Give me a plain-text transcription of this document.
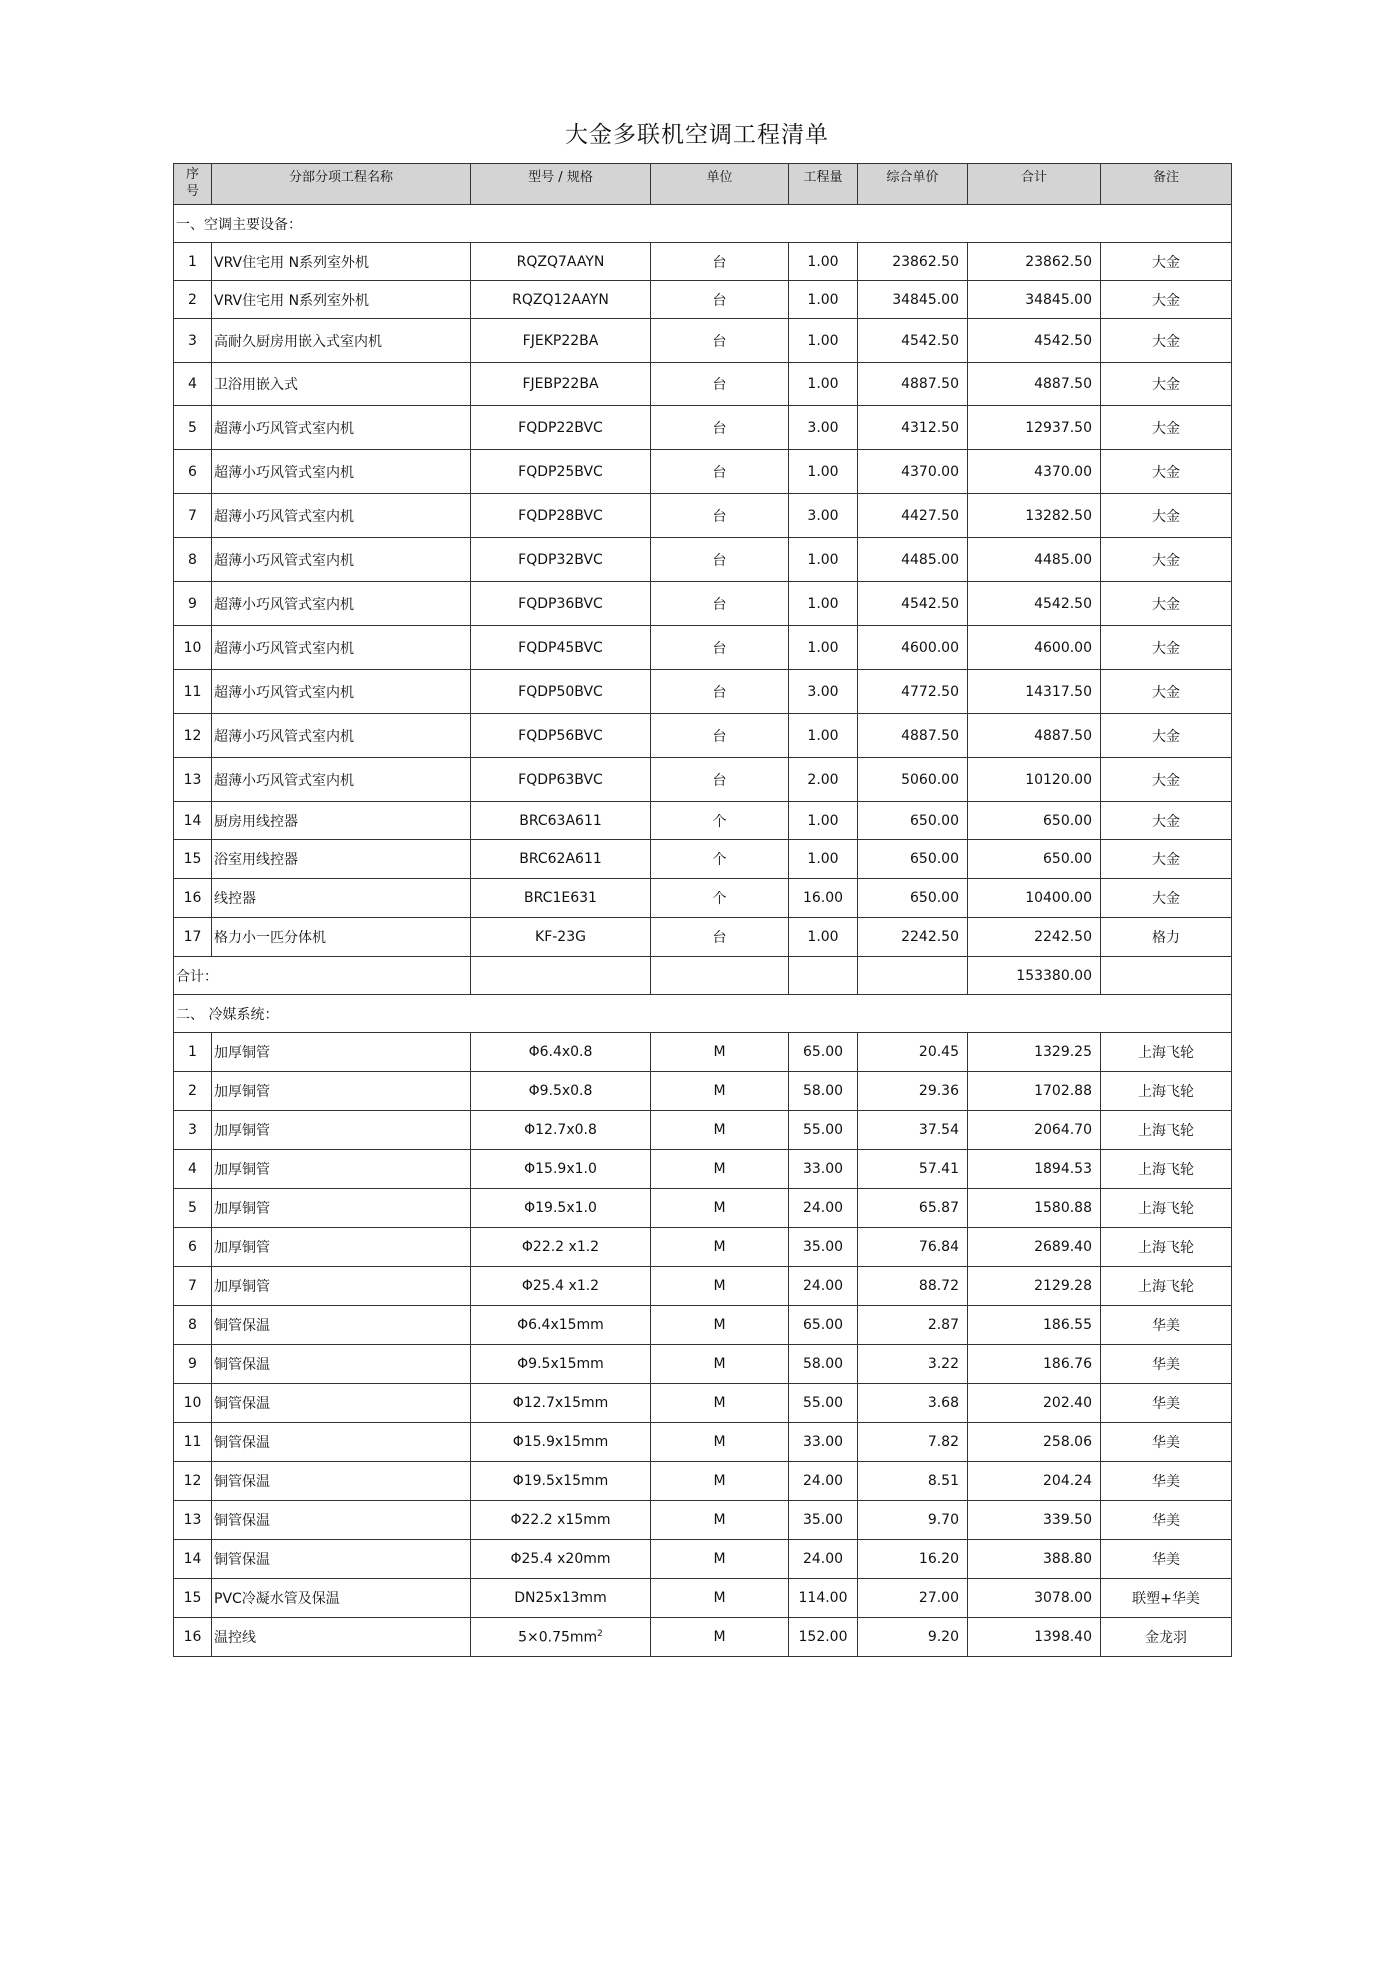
大金多联机空调工程清单
序
号	分部分项工程名称	型号 / 规格	单位	工程量	综合单价	合计	备注
一、空调主要设备：							
1	VRV住宅用 N系列室外机	RQZQ7AAYN	台	1.00	23862.50	23862.50	大金
2	VRV住宅用 N系列室外机	RQZQ12AAYN	台	1.00	34845.00	34845.00	大金
3	高耐久厨房用嵌入式室内机	FJEKP22BA	台	1.00	4542.50	4542.50	大金
4	卫浴用嵌入式	FJEBP22BA	台	1.00	4887.50	4887.50	大金
5	超薄小巧风管式室内机	FQDP22BVC	台	3.00	4312.50	12937.50	大金
6	超薄小巧风管式室内机	FQDP25BVC	台	1.00	4370.00	4370.00	大金
7	超薄小巧风管式室内机	FQDP28BVC	台	3.00	4427.50	13282.50	大金
8	超薄小巧风管式室内机	FQDP32BVC	台	1.00	4485.00	4485.00	大金
9	超薄小巧风管式室内机	FQDP36BVC	台	1.00	4542.50	4542.50	大金
10	超薄小巧风管式室内机	FQDP45BVC	台	1.00	4600.00	4600.00	大金
11	超薄小巧风管式室内机	FQDP50BVC	台	3.00	4772.50	14317.50	大金
12	超薄小巧风管式室内机	FQDP56BVC	台	1.00	4887.50	4887.50	大金
13	超薄小巧风管式室内机	FQDP63BVC	台	2.00	5060.00	10120.00	大金
14	厨房用线控器	BRC63A611	个	1.00	650.00	650.00	大金
15	浴室用线控器	BRC62A611	个	1.00	650.00	650.00	大金
16	线控器	BRC1E631	个	16.00	650.00	10400.00	大金
17	格力小一匹分体机	KF-23G	台	1.00	2242.50	2242.50	格力
合计：						153380.00	
二、 冷媒系统：							
1	加厚铜管	Φ6.4x0.8	M	65.00	20.45	1329.25	上海飞轮
2	加厚铜管	Φ9.5x0.8	M	58.00	29.36	1702.88	上海飞轮
3	加厚铜管	Φ12.7x0.8	M	55.00	37.54	2064.70	上海飞轮
4	加厚铜管	Φ15.9x1.0	M	33.00	57.41	1894.53	上海飞轮
5	加厚铜管	Φ19.5x1.0	M	24.00	65.87	1580.88	上海飞轮
6	加厚铜管	Φ22.2 x1.2	M	35.00	76.84	2689.40	上海飞轮
7	加厚铜管	Φ25.4 x1.2	M	24.00	88.72	2129.28	上海飞轮
8	铜管保温	Φ6.4x15mm	M	65.00	2.87	186.55	华美
9	铜管保温	Φ9.5x15mm	M	58.00	3.22	186.76	华美
10	铜管保温	Φ12.7x15mm	M	55.00	3.68	202.40	华美
11	铜管保温	Φ15.9x15mm	M	33.00	7.82	258.06	华美
12	铜管保温	Φ19.5x15mm	M	24.00	8.51	204.24	华美
13	铜管保温	Φ22.2 x15mm	M	35.00	9.70	339.50	华美
14	铜管保温	Φ25.4 x20mm	M	24.00	16.20	388.80	华美
15	PVC冷凝水管及保温	DN25x13mm	M	114.00	27.00	3078.00	联塑+华美
16	温控线	$5\times 0.75mm^2$	M	152.00	9.20	1398.40	金龙羽
